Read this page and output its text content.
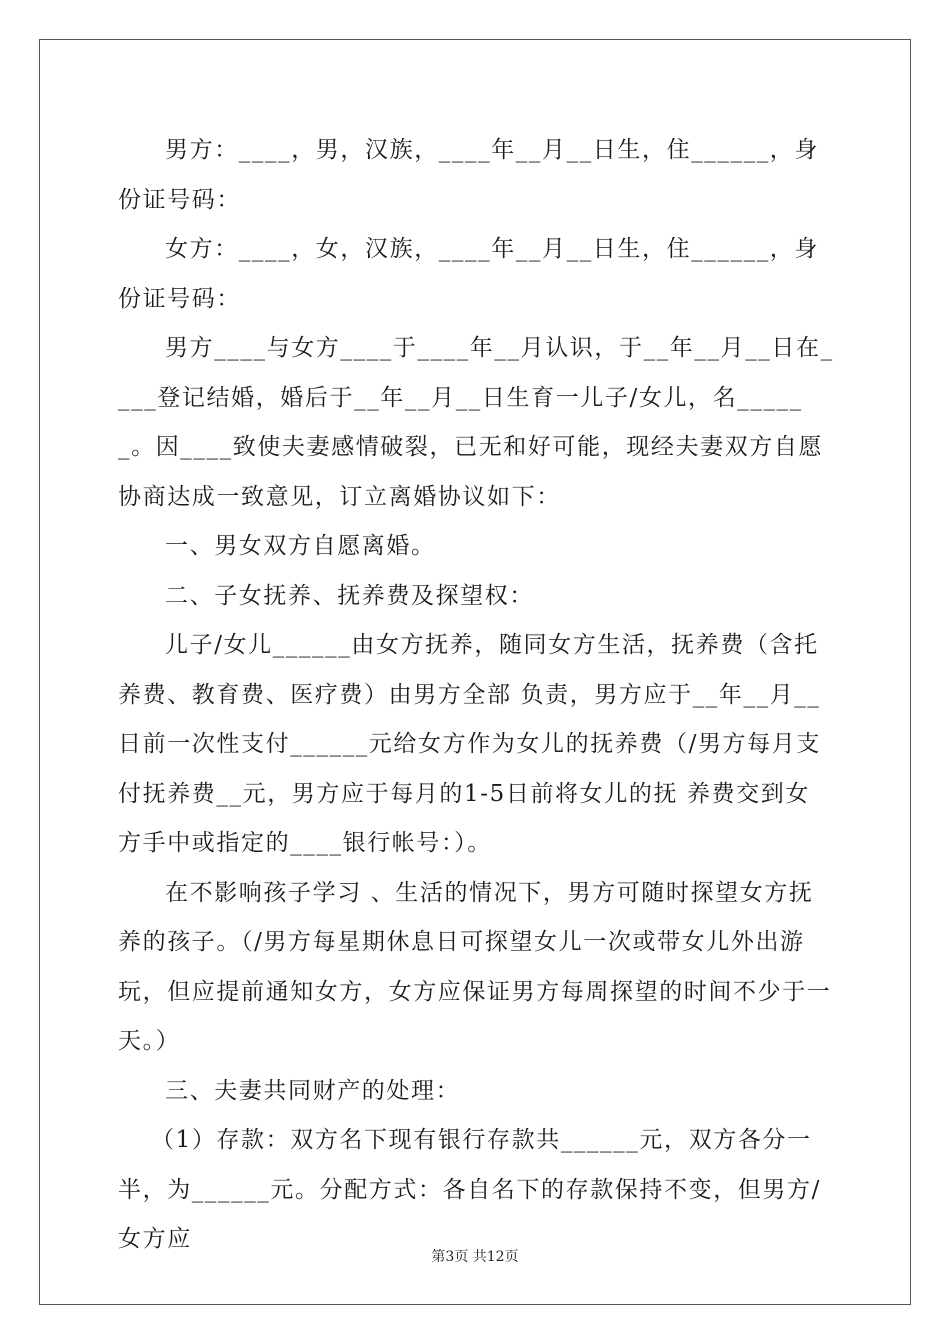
男方：____，男，汉族，____年__月__日生，住______，身份证号码：

女方：____，女，汉族，____年__月__日生，住______，身份证号码：

男方____与女方____于____年__月认识，于__年__月__日在____登记结婚，婚后于__年__月__日生育一儿子/女儿，名______。因____致使夫妻感情破裂，已无和好可能，现经夫妻双方自愿协商达成一致意见，订立离婚协议如下：

一、男女双方自愿离婚。

二、子女抚养、抚养费及探望权：

儿子/女儿______由女方抚养，随同女方生活，抚养费（含托养费、教育费、医疗费）由男方全部 负责，男方应于__年__月__日前一次性支付______元给女方作为女儿的抚养费（/男方每月支付抚养费__元，男方应于每月的1-5日前将女儿的抚 养费交到女方手中或指定的____银行帐号：）。

在不影响孩子学习 、生活的情况下，男方可随时探望女方抚养的孩子。（/男方每星期休息日可探望女儿一次或带女儿外出游玩，但应提前通知女方，女方应保证男方每周探望的时间不少于一天。）

三、夫妻共同财产的处理：

（1）存款：双方名下现有银行存款共______元，双方各分一半，为______元。分配方式：各自名下的存款保持不变，但男方/女方应

第3页 共12页
